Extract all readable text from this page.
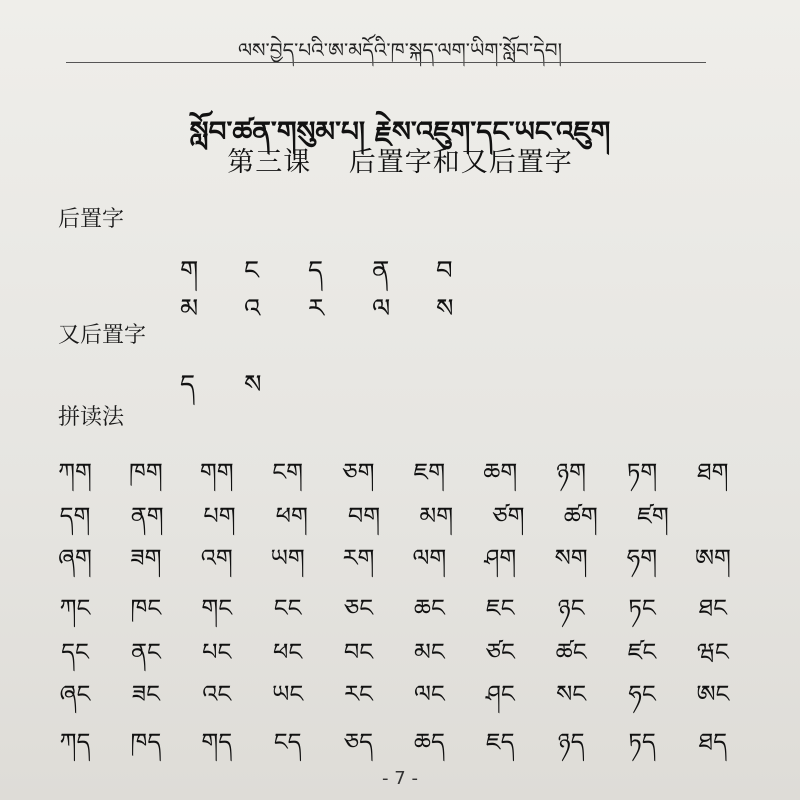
ལས་བྱེད་པའི་ཨ་མདོའི་ཁ་སྐད་ལག་ཡིག་སློབ་དེབ།
སློབ་ཚན་གསུམ་པ། རྗེས་འཇུག་དང་ཡང་འཇུག
第三课 后置字和又后置字
后置字
ག	ང	ད	ན	བ
མ	འ	ར	ལ	ས
又后置字
ད	ས
拼读法
ཀག	ཁག	གག	ངག	ཅག	ཇག	ཆག	ཉག	ཏག	ཐག
དག	ནག	པག	ཕག	བག	མག	ཙག	ཚག	ཛག
ཞག	ཟག	འག	ཡག	རག	ལག	ཤག	སག	ཧག	ཨག
ཀང	ཁང	གང	ངང	ཅང	ཆང	ཇང	ཉང	ཏང	ཐང
དང	ནང	པང	ཕང	བང	མང	ཙང	ཚང	ཛང	ཝང
ཞང	ཟང	འང	ཡང	རང	ལང	ཤང	སང	ཧང	ཨང
ཀད	ཁད	གད	ངད	ཅད	ཆད	ཇད	ཉད	ཏད	ཐད
- 7 -
